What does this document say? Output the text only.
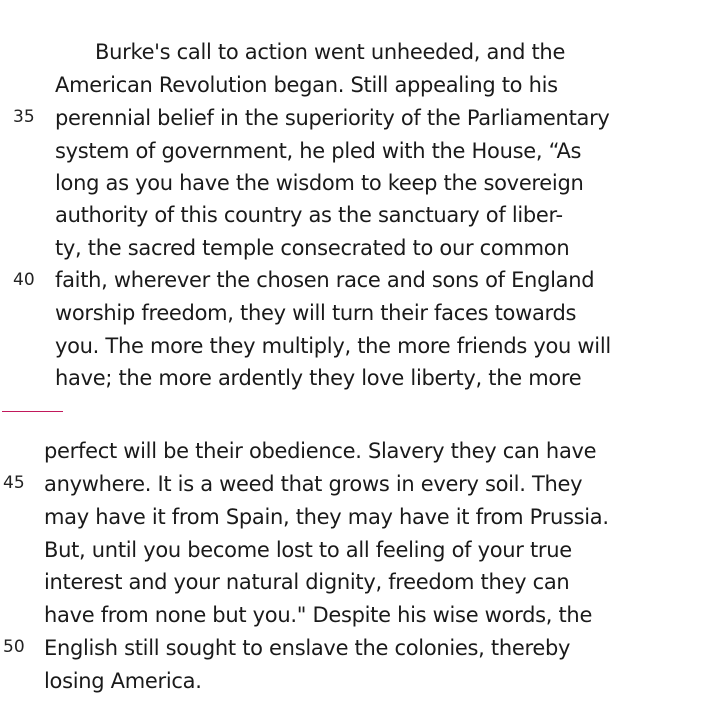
Burke's call to action went unheeded, and the
American Revolution began. Still appealing to his
35 perennial belief in the superiority of the Parliamentary
system of government, he pled with the House, “As
long as you have the wisdom to keep the sovereign
authority of this country as the sanctuary of liber-
ty, the sacred temple consecrated to our common
40 faith, wherever the chosen race and sons of England
worship freedom, they will turn their faces towards
you. The more they multiply, the more friends you will
have; the more ardently they love liberty, the more
perfect will be their obedience. Slavery they can have
45 anywhere. It is a weed that grows in every soil. They
may have it from Spain, they may have it from Prussia.
But, until you become lost to all feeling of your true
interest and your natural dignity, freedom they can
have from none but you." Despite his wise words, the
50 English still sought to enslave the colonies, thereby
losing America.
